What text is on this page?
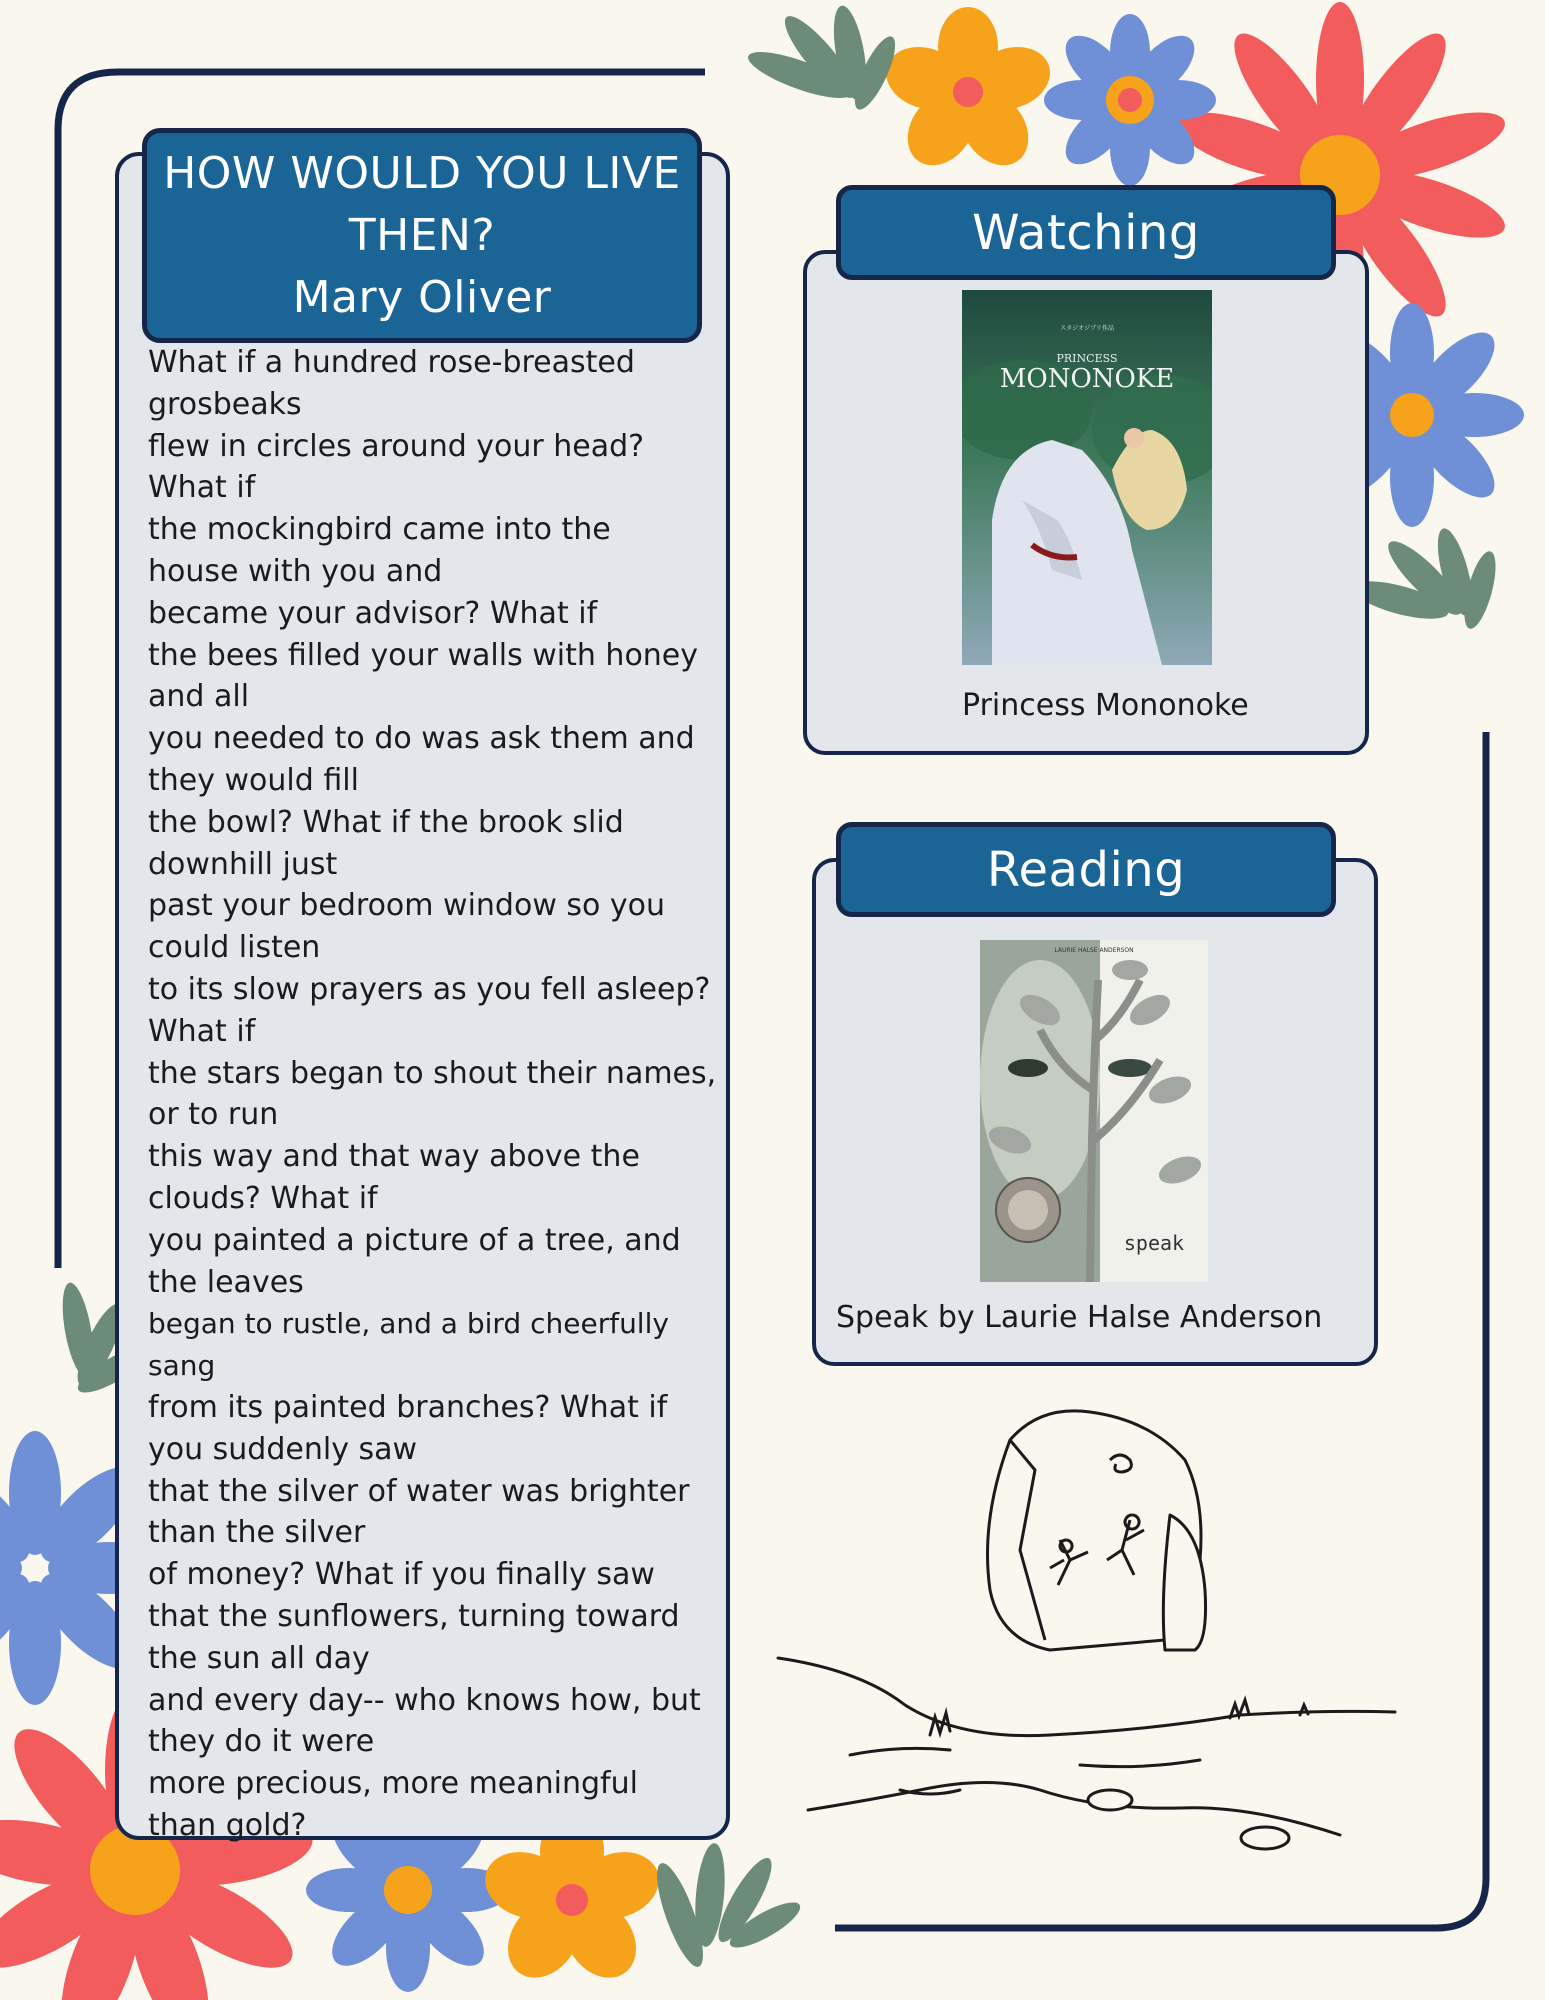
HOW WOULD YOU LIVE
THEN?
Mary Oliver
What if a hundred rose-breasted
grosbeaks
flew in circles around your head?
What if
the mockingbird came into the
house with you and
became your advisor? What if
the bees filled your walls with honey
and all
you needed to do was ask them and
they would fill
the bowl? What if the brook slid
downhill just
past your bedroom window so you
could listen
to its slow prayers as you fell asleep?
What if
the stars began to shout their names,
or to run
this way and that way above the
clouds? What if
you painted a picture of a tree, and
the leaves
began to rustle, and a bird cheerfully
sang
from its painted branches? What if
you suddenly saw
that the silver of water was brighter
than the silver
of money? What if you finally saw
that the sunflowers, turning toward
the sun all day
and every day-- who knows how, but
they do it were
more precious, more meaningful
than gold?
Watching
PRINCESS
MONONOKE
スタジオジブリ作品
Princess Mononoke
Reading
LAURIE HALSE ANDERSON
speak
Speak by Laurie Halse Anderson
